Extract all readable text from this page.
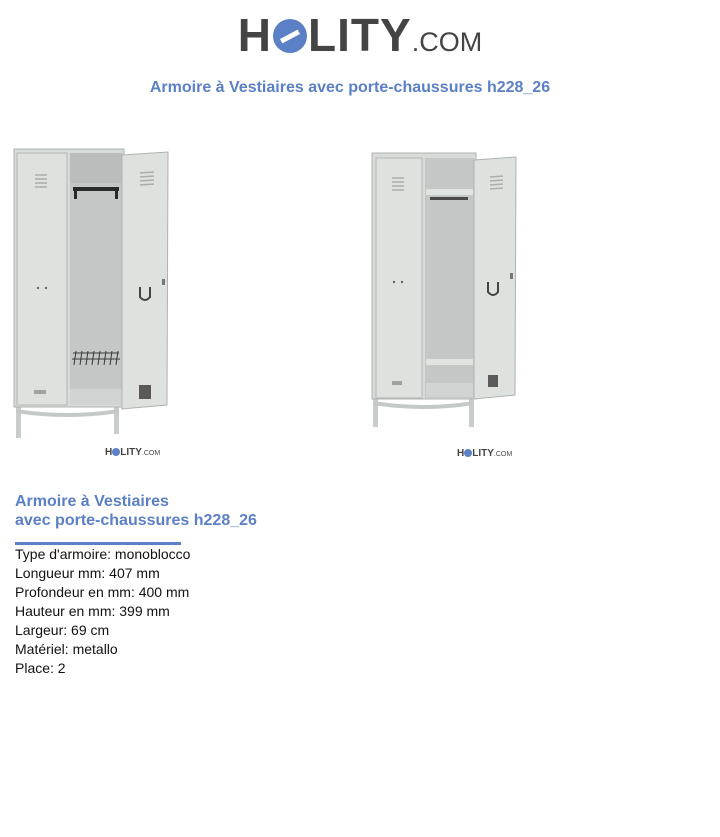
H LITY.COM
Armoire à Vestiaires avec porte-chaussures h228_26
H LITY.COM	H LITY.COM
Armoire à Vestiaires
avec porte-chaussures h228_26
Type d'armoire: monoblocco
Longueur mm: 407 mm
Profondeur en mm: 400 mm
Hauteur en mm: 399 mm
Largeur: 69 cm
Matériel: metallo
Place: 2
